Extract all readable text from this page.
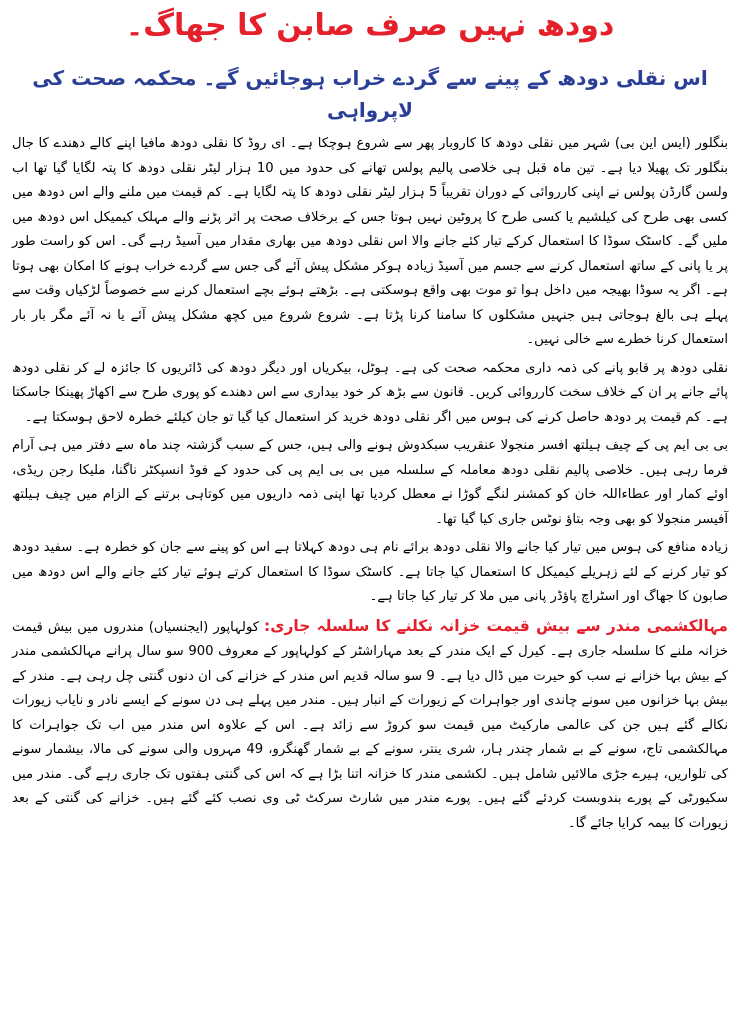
دودھ نہیں صرف صابن کا جھاگ۔
اس نقلی دودھ کے پینے سے گردے خراب ہوجائیں گے۔ محکمہ صحت کی لاپرواہی

بنگلور (ایس این بی) شہر میں نقلی دودھ کا کاروبار پھر سے شروع ہوچکا ہے۔ ای روڈ کا نقلی دودھ مافیا اپنے کالے دھندے کا جال بنگلور تک پھیلا دیا ہے۔ تین ماہ قبل ہی خلاصی پالیم پولس تھانے کی حدود میں 10 ہزار لیٹر نقلی دودھ کا پتہ لگایا گیا تھا اب ولسن گارڈن پولس نے اپنی کارروائی کے دوران تقریباً 5 ہزار لیٹر نقلی دودھ کا پتہ لگایا ہے۔ کم قیمت میں ملنے والے اس دودھ میں کسی بھی طرح کی کیلشیم یا کسی طرح کا پروٹین نہیں ہوتا جس کے برخلاف صحت پر اثر پڑنے والے مہلک کیمیکل اس دودھ میں ملیں گے۔ کاسٹک سوڈا کا استعمال کرکے تیار کئے جانے والا اس نقلی دودھ میں بھاری مقدار میں آسیڈ رہے گی۔ اس کو راست طور پر یا پانی کے ساتھ استعمال کرنے سے جسم میں آسیڈ زیادہ ہوکر مشکل پیش آئے گی جس سے گردے خراب ہونے کا امکان بھی ہوتا ہے۔ اگر یہ سوڈا بھیجہ میں داخل ہوا تو موت بھی واقع ہوسکتی ہے۔ بڑھتے ہوئے بچے استعمال کرنے سے خصوصاً لڑکیاں وقت سے پہلے ہی بالغ ہوجاتی ہیں جنہیں مشکلوں کا سامنا کرنا پڑتا ہے۔ شروع شروع میں کچھ مشکل پیش آئے یا نہ آئے مگر بار بار استعمال کرنا خطرے سے خالی نہیں۔

نقلی دودھ پر قابو پانے کی ذمہ داری محکمہ صحت کی ہے۔ ہوٹل، بیکریاں اور دیگر دودھ کی ڈائریوں کا جائزہ لے کر نقلی دودھ پائے جانے پر ان کے خلاف سخت کارروائی کریں۔ قانون سے بڑھ کر خود بیداری سے اس دھندے کو پوری طرح سے اکھاڑ پھینکا جاسکتا ہے۔ کم قیمت پر دودھ حاصل کرنے کی ہوس میں اگر نقلی دودھ خرید کر استعمال کیا گیا تو جان کیلئے خطرہ لاحق ہوسکتا ہے۔

بی بی ایم پی کے چیف ہیلتھ افسر منجولا عنقریب سبکدوش ہونے والی ہیں، جس کے سبب گزشتہ چند ماہ سے دفتر میں ہی آرام فرما رہی ہیں۔ خلاصی پالیم نقلی دودھ معاملہ کے سلسلہ میں بی بی ایم پی کی حدود کے فوڈ انسپکٹر ناگنا، ملیکا رجن ریڈی، اوئے کمار اور عطاءاللہ خان کو کمشنر لنگے گوڑا نے معطل کردیا تھا اپنی ذمہ داریوں میں کوتاہی برتنے کے الزام میں چیف ہیلتھ آفیسر منجولا کو بھی وجہ بتاؤ نوٹس جاری کیا گیا تھا۔

زیادہ منافع کی ہوس میں تیار کیا جانے والا نقلی دودھ برائے نام ہی دودھ کہلاتا ہے اس کو پینے سے جان کو خطرہ ہے۔ سفید دودھ کو تیار کرنے کے لئے زہریلے کیمیکل کا استعمال کیا جاتا ہے۔ کاسٹک سوڈا کا استعمال کرتے ہوئے تیار کئے جانے والے اس دودھ میں صابون کا جھاگ اور اسٹراچ پاؤڈر پانی میں ملا کر تیار کیا جاتا ہے۔

مہالکشمی مندر سے بیش قیمت خزانہ نکلنے کا سلسلہ جاری: کولہاپور (ایجنسیاں) مندروں میں بیش قیمت خزانہ ملنے کا سلسلہ جاری ہے۔ کیرل کے ایک مندر کے بعد مہاراشٹر کے کولہاپور کے معروف 900 سو سال پرانے مہالکشمی مندر کے بیش بہا خزانے نے سب کو حیرت میں ڈال دیا ہے۔ 9 سو سالہ قدیم اس مندر کے خزانے کی ان دنوں گنتی چل رہی ہے۔ مندر کے بیش بہا خزانوں میں سونے چاندی اور جواہرات کے زیورات کے انبار ہیں۔ مندر میں پہلے ہی دن سونے کے ایسے نادر و نایاب زیورات نکالے گئے ہیں جن کی عالمی مارکیٹ میں قیمت سو کروڑ سے زائد ہے۔ اس کے علاوہ اس مندر میں اب تک جواہرات کا مہالکشمی تاج، سونے کے بے شمار چندر ہار، شری ینتر، سونے کے بے شمار گھنگرو، 49 مہروں والی سونے کی مالا، بیشمار سونے کی تلواریں، ہیرے جڑی مالائیں شامل ہیں۔ لکشمی مندر کا خزانہ اتنا بڑا ہے کہ اس کی گنتی ہفتوں تک جاری رہے گی۔ مندر میں سکیورٹی کے پورے بندوبست کردئے گئے ہیں۔ پورے مندر میں شارٹ سرکٹ ٹی وی نصب کئے گئے ہیں۔ خزانے کی گنتی کے بعد زیورات کا بیمہ کرایا جائے گا۔
